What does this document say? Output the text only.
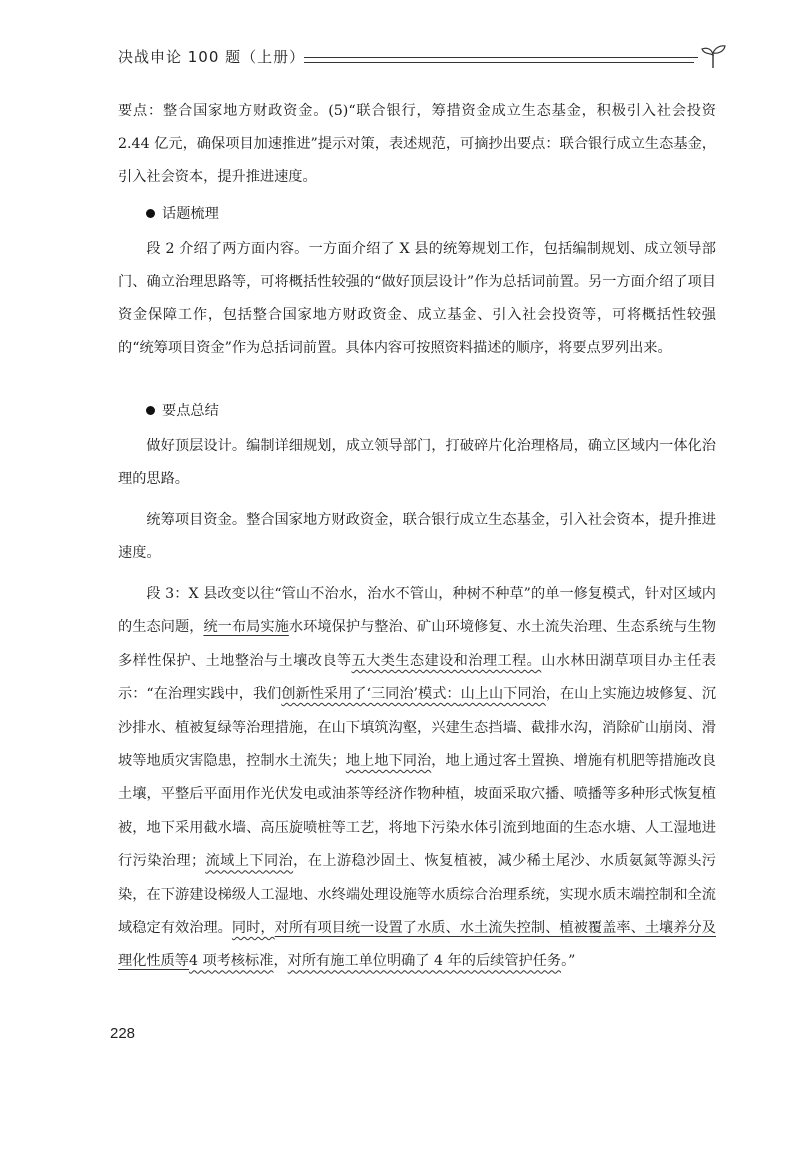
决战申论 100 题（上册）

要点：整合国家地方财政资金。(5)“联合银行，筹措资金成立生态基金，积极引入社会投资 2.44 亿元，确保项目加速推进”提示对策，表述规范，可摘抄出要点：联合银行成立生态基金，引入社会资本，提升推进速度。

话题梳理

段 2 介绍了两方面内容。一方面介绍了 X 县的统筹规划工作，包括编制规划、成立领导部门、确立治理思路等，可将概括性较强的“做好顶层设计”作为总括词前置。另一方面介绍了项目资金保障工作，包括整合国家地方财政资金、成立基金、引入社会投资等，可将概括性较强的“统筹项目资金”作为总括词前置。具体内容可按照资料描述的顺序，将要点罗列出来。

要点总结

做好顶层设计。编制详细规划，成立领导部门，打破碎片化治理格局，确立区域内一体化治理的思路。

统筹项目资金。整合国家地方财政资金，联合银行成立生态基金，引入社会资本，提升推进速度。

段 3：X 县改变以往“管山不治水，治水不管山，种树不种草”的单一修复模式，针对区域内的生态问题，统一布局实施水环境保护与整治、矿山环境修复、水土流失治理、生态系统与生物多样性保护、土地整治与土壤改良等五大类生态建设和治理工程。山水林田湖草项目办主任表示：“在治理实践中，我们创新性采用了‘三同治’模式：山上山下同治，在山上实施边坡修复、沉沙排水、植被复绿等治理措施，在山下填筑沟壑，兴建生态挡墙、截排水沟，消除矿山崩岗、滑坡等地质灾害隐患，控制水土流失；地上地下同治，地上通过客土置换、增施有机肥等措施改良土壤，平整后平面用作光伏发电或油茶等经济作物种植，坡面采取穴播、喷播等多种形式恢复植被，地下采用截水墙、高压旋喷桩等工艺，将地下污染水体引流到地面的生态水塘、人工湿地进行污染治理；流域上下同治，在上游稳沙固土、恢复植被，减少稀土尾沙、水质氨氮等源头污染，在下游建设梯级人工湿地、水终端处理设施等水质综合治理系统，实现水质末端控制和全流域稳定有效治理。同时，对所有项目统一设置了水质、水土流失控制、植被覆盖率、土壤养分及理化性质等4 项考核标准，对所有施工单位明确了 4 年的后续管护任务。”

228
